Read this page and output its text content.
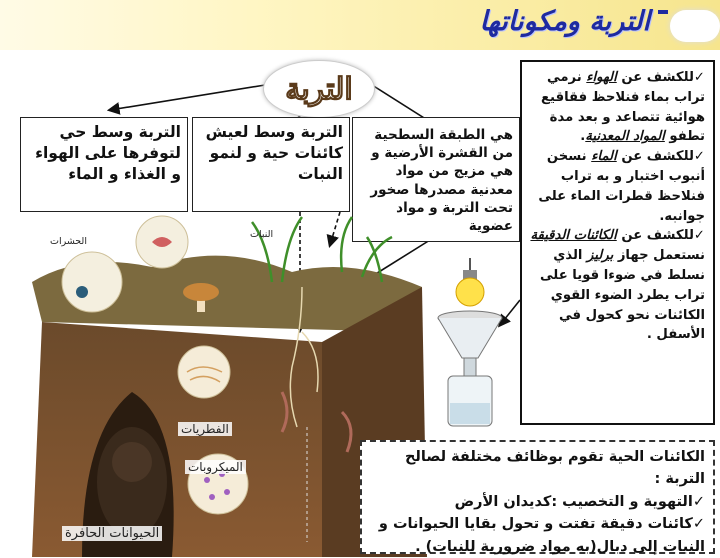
التربة ومكوناتها
التربة
التربة وسط حي لتوفرها على الهواء و الغذاء و الماء
التربة وسط لعيش كائنات حية و لنمو النبات
هي الطبقة السطحية من القشرة الأرضية و هي مزيج من مواد معدنية مصدرها صخور تحت التربة و مواد عضوية
✓للكشف عن الهواء نرمي تراب بماء فنلاحظ فقاقيع هوائية تتصاعد و بعد مدة تطفو المواد المعدنية.
✓للكشف عن الماء نسخن أنبوب اختبار و به تراب فنلاحظ قطرات الماء على جوانبه.
✓للكشف عن الكائنات الدقيقة نستعمل جهاز برليز الذي نسلط في ضوءا قويا على تراب يطرد الضوء القوي الكائنات نحو كحول في الأسفل .
الحشرات
النبات
الفطريات
الميكروبات
الحيوانات الحافرة
الكائنات الحية تقوم بوظائف مختلفة لصالح التربة :
✓التهوية و التخصيب :كديدان الأرض
✓كائنات دقيقة تفتت و تحول بقايا الحيوانات و النبات إلى دبال(به مواد ضرورية للنبات) .
